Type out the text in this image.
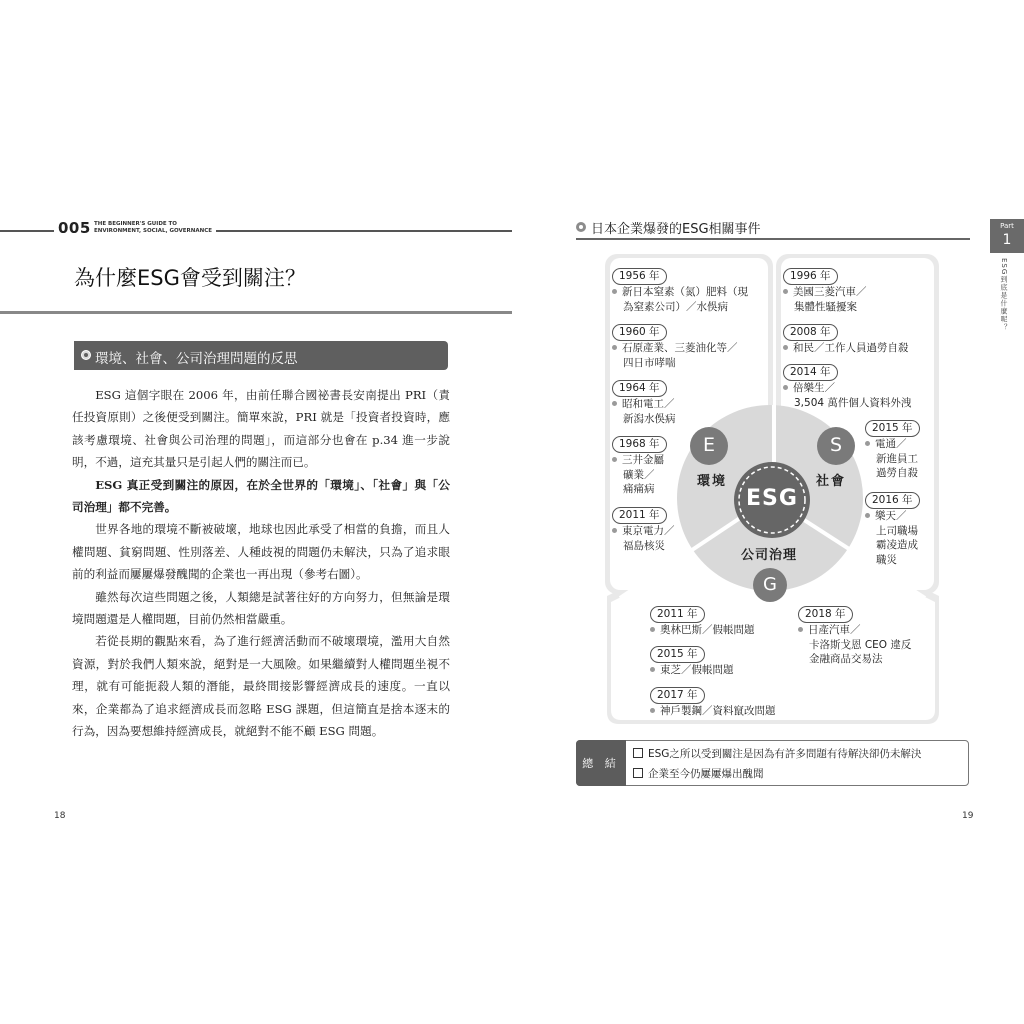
005 THE BEGINNER'S GUIDE TO
ENVIRONMENT, SOCIAL, GOVERNANCE
為什麼ESG會受到關注？
環境、社會、公司治理問題的反思

ESG 這個字眼在 2006 年，由前任聯合國祕書長安南提出 PRI（責任投資原則）之後便受到關注。簡單來說，PRI 就是「投資者投資時，應該考慮環境、社會與公司治理的問題」，而這部分也會在 p.34 進一步說明，不過，這充其量只是引起人們的關注而已。

ESG 真正受到關注的原因，在於全世界的「環境」、「社會」與「公司治理」都不完善。

世界各地的環境不斷被破壞，地球也因此承受了相當的負擔，而且人權問題、貧窮問題、性別落差、人種歧視的問題仍未解決，只為了追求眼前的利益而屢屢爆發醜聞的企業也一再出現（參考右圖）。

雖然每次這些問題之後，人類總是試著往好的方向努力，但無論是環境問題還是人權問題，目前仍然相當嚴重。

若從長期的觀點來看，為了進行經濟活動而不破壞環境，濫用大自然資源，對於我們人類來說，絕對是一大風險。如果繼續對人權問題坐視不理，就有可能扼殺人類的潛能，最終間接影響經濟成長的速度。一直以來，企業都為了追求經濟成長而忽略 ESG 課題，但這簡直是捨本逐末的行為，因為要想維持經濟成長，就絕對不能不顧 ESG 問題。

18
日本企業爆發的ESG相關事件	Part
1
ESG到底是什麼呢？
ESG
E	S
G
環境	社會
公司治理
1956 年
新日本窒素（氮）肥料（現
為窒素公司）／水俁病
1960 年
石原產業、三菱油化等／
四日市哮喘
1964 年
昭和電工／
新潟水俁病
1968 年
三井金屬
礦業／
痛痛病
2011 年
東京電力／
福島核災
1996 年
美國三菱汽車／
集體性騷擾案
2008 年
和民／工作人員過勞自殺
2014 年
倍樂生／
3,504 萬件個人資料外洩
2015 年
電通／
新進員工
過勞自殺
2016 年
樂天／
上司職場
霸凌造成
職災
2011 年
奧林巴斯／假帳問題
2015 年
東芝／假帳問題
2017 年
神戶製鋼／資料竄改問題
2018 年
日產汽車／
卡洛斯戈恩 CEO 違反
金融商品交易法
總 結
ESG之所以受到關注是因為有許多問題有待解決卻仍未解決
企業至今仍屢屢爆出醜聞
19
